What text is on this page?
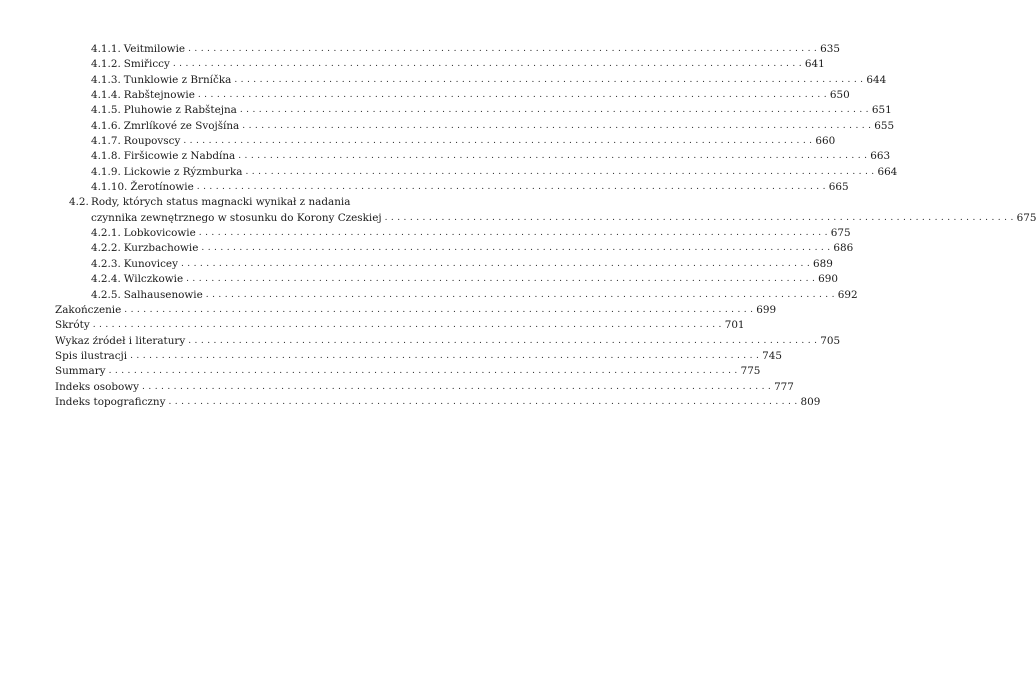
4.1.1. Veitmilowie . . .	635
4.1.2. Smiřiccy . . .	641
4.1.3. Tunklowie z Brníčka . . .	644
4.1.4. Rabštejnowie . . .	650
4.1.5. Pluhowie z Rabštejna . . .	651
4.1.6. Zmrlíkové ze Svojšína . . .	655
4.1.7. Roupovscy . . .	660
4.1.8. Firšicowie z Nabdína . . .	663
4.1.9. Lickowie z Rýzmburka . . .	664
4.1.10. Žerotínowie . . .	665
4.2. Rody, których status magnacki wynikał z nadania
czynnika zewnętrznego w stosunku do Korony Czeskiej . . .	675
4.2.1. Lobkovicowie . . .	675
4.2.2. Kurzbachowie . . .	686
4.2.3. Kunovicey . . .	689
4.2.4. Wilczkowie . . .	690
4.2.5. Salhausenowie . . .	692
Zakończenie . . .	699
Skróty . . .	701
Wykaz źródeł i literatury . . .	705
Spis ilustracji . . .	745
Summary . . .	775
Indeks osobowy . . .	777
Indeks topograficzny . . .	809
